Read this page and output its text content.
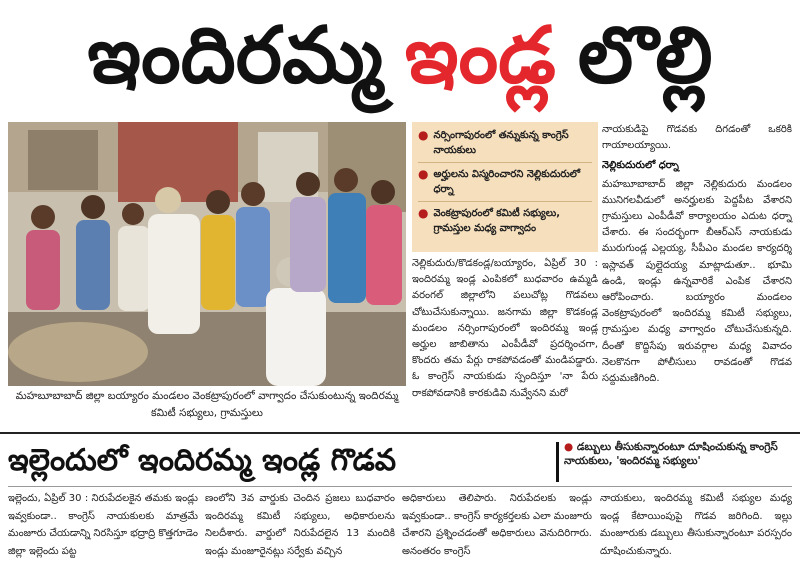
ఇందిరమ్మ ఇండ్ల లొల్లి
మహబూబాబాద్ జిల్లా బయ్యారం మండలం వెంకట్రాపురంలో వాగ్వాదం చేసుకుంటున్న ఇందిరమ్మ కమిటీ సభ్యులు, గ్రామస్తులు
● నర్సింగాపురంలో తన్నుకున్న కాంగ్రెస్ నాయకులు
● అర్హులను విస్మరించారని నెల్లికుదురులో ధర్నా
● వెంకట్రాపురంలో కమిటీ సభ్యులు, గ్రామస్తుల మధ్య వాగ్వాదం

నెల్లికుదురు/కొడకండ్ల/బయ్యారం, ఏప్రిల్ 30 : ఇందిరమ్మ ఇండ్ల ఎంపికలో బుధవారం ఉమ్మడి వరంగల్ జిల్లాలోని పలుచోట్ల గొడవలు చోటుచేసుకున్నాయి. జనగామ జిల్లా కొడకండ్ల మండలం నర్సింగాపురంలో ఇందిరమ్మ ఇండ్ల అర్హుల జాబితాను ఎంపీడీవో ప్రదర్శించగా, కొందరు తమ పేర్లు రాకపోవడంతో మండిపడ్డారు. ఓ కాంగ్రెస్ నాయకుడు స్పందిస్తూ 'నా పేరు రాకపోవడానికి కారకుడివి నువ్వేనని మరో

నాయకుడిపై గొడవకు దిగడంతో ఒకరికి గాయాలయ్యాయి.

నెల్లికుదురులో ధర్నా

మహబూబాబాద్ జిల్లా నెల్లికుదురు మండలం మునిగలవీడులో అనర్హులకు పెద్దపీట వేశారని గ్రామస్తులు ఎంపీడీవో కార్యాలయం ఎదుట ధర్నా చేశారు. ఈ సందర్భంగా బీఆర్ఎస్ నాయకుడు మురుగుండ్ల ఎల్లయ్య, సీపీఎం మండల కార్యదర్శి ఇస్లావత్ పుల్లైదయ్య మాట్లాడుతూ.. భూమి ఉండి, ఇండ్లు ఉన్నవారికే ఎంపిక చేశారని ఆరోపించారు. బయ్యారం మండలం వెంకట్రాపురంలో ఇందిరమ్మ కమిటీ సభ్యులు, గ్రామస్తుల మధ్య వాగ్వాదం చోటుచేసుకున్నది. దీంతో కొద్దిసేపు ఇరువర్గాల మధ్య వివాదం నెలకొనగా పోలీసులు రావడంతో గొడవ సద్దుమణిగింది.

ఇల్లెందులో ఇందిరమ్మ ఇండ్ల గొడవ	● డబ్బులు తీసుకున్నారంటూ దూషించుకున్న కాంగ్రెస్ నాయకులు, 'ఇందిరమ్మ సభ్యులు'

ఇల్లెందు, ఏప్రిల్ 30 : నిరుపేదలకైన తమకు ఇండ్లు ఇవ్వకుండా.. కాంగ్రెస్ నాయకులకు మాత్రమే మంజూరు చేయడాన్ని నిరసిస్తూ భద్రాద్రి కొత్తగూడెం జిల్లా ఇల్లెందు పట్ట

ణంలోని 3వ వార్డుకు చెందిన ప్రజలు బుధవారం ఇందిరమ్మ కమిటీ సభ్యులు, అధికారులను నిలదీశారు. వార్డులో నిరుపేదలైన 13 మందికి ఇండ్లు మంజూరైనట్లు సర్వేకు వచ్చిన

అధికారులు తెలిపారు. నిరుపేదలకు ఇండ్లు ఇవ్వకుండా.. కాంగ్రెస్ కార్యకర్తలకు ఎలా మంజూరు చేశారని ప్రశ్నించడంతో అధికారులు వెనుదిరిగారు. అనంతరం కాంగ్రెస్

నాయకులు, ఇందిరమ్మ కమిటీ సభ్యుల మధ్య ఇండ్ల కేటాయింపుపై గొడవ జరిగింది. ఇల్లు మంజూరుకు డబ్బులు తీసుకున్నారంటూ పరస్పరం దూషించుకున్నారు.
